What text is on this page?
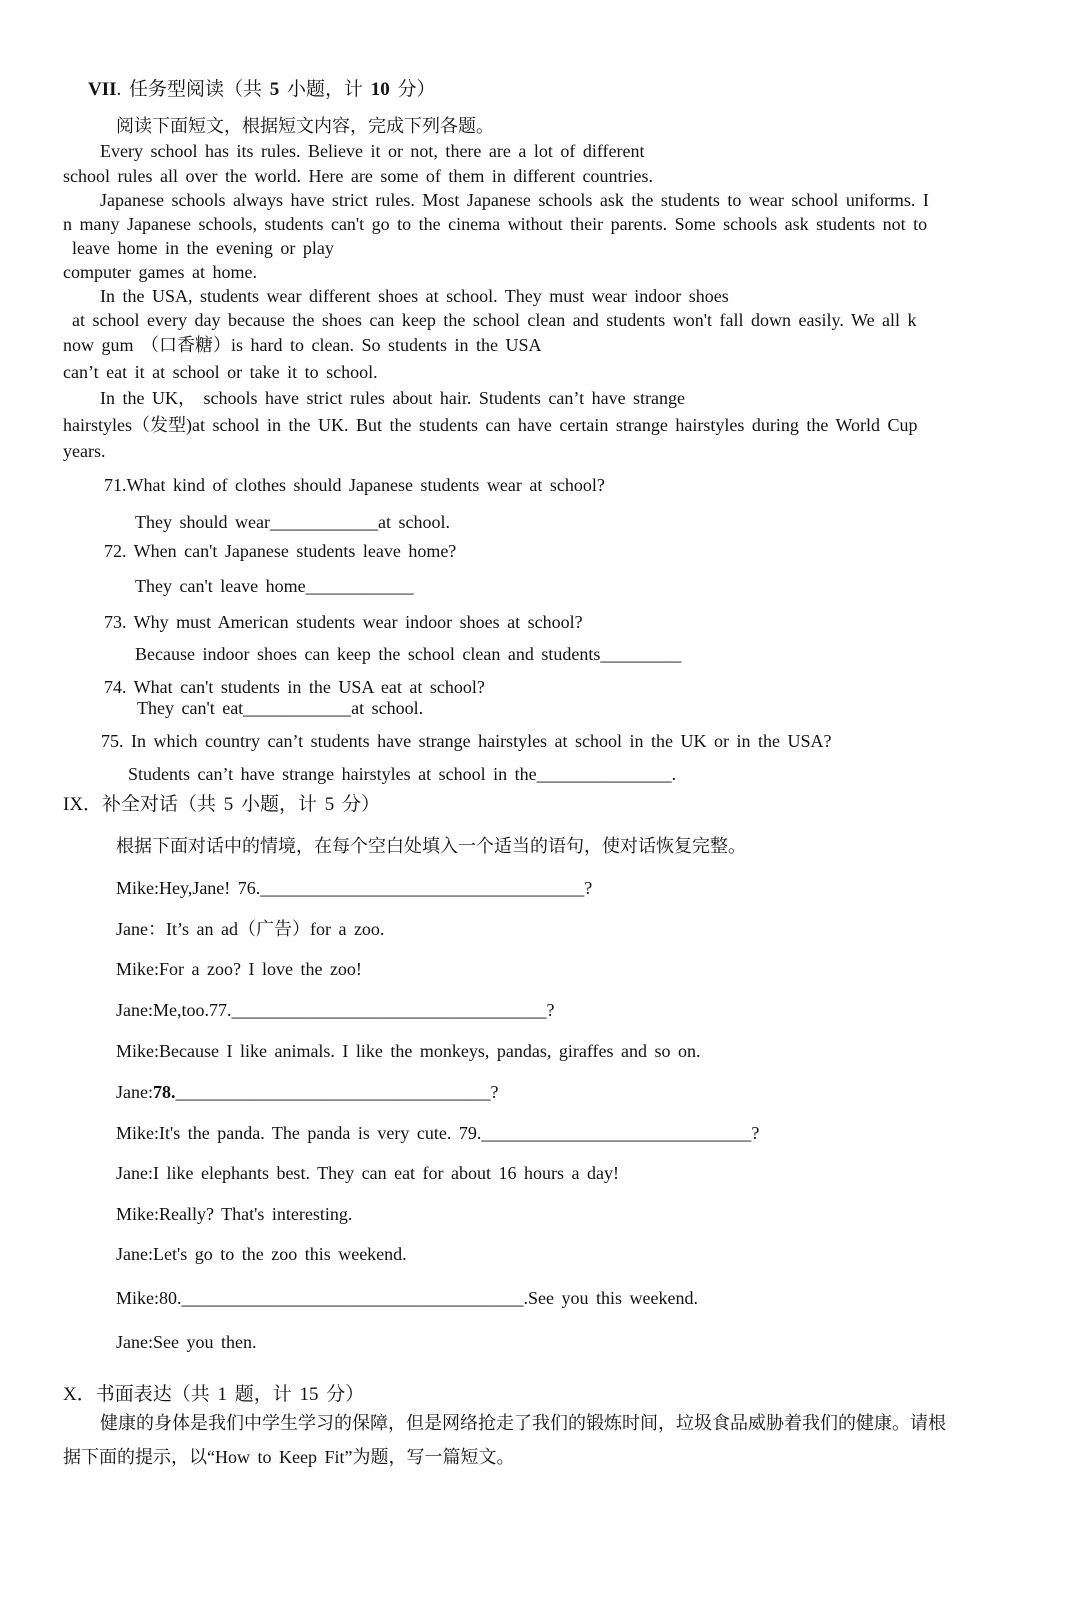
VII. 任务型阅读（共 5 小题，计 10 分）
阅读下面短文，根据短文内容，完成下列各题。
Every school has its rules. Believe it or not, there are a lot of different
school rules all over the world. Here are some of them in different countries.
Japanese schools always have strict rules. Most Japanese schools ask the students to wear school uniforms. I
n many Japanese schools, students can't go to the cinema without their parents. Some schools ask students not to
leave home in the evening or play
computer games at home.
In the USA, students wear different shoes at school. They must wear indoor shoes
at school every day because the shoes can keep the school clean and students won't fall down easily. We all k
now gum （口香糖）is hard to clean. So students in the USA
can’t eat it at school or take it to school.
In the UK， schools have strict rules about hair. Students can’t have strange
hairstyles（发型)at school in the UK. But the students can have certain strange hairstyles during the World Cup
years.
71.What kind of clothes should Japanese students wear at school?
They should wear____________at school.
72. When can't Japanese students leave home?
They can't leave home____________
73. Why must American students wear indoor shoes at school?
Because indoor shoes can keep the school clean and students_________
74. What can't students in the USA eat at school?
They can't eat____________at school.
75. In which country can’t students have strange hairstyles at school in the UK or in the USA?
Students can’t have strange hairstyles at school in the_______________.
IX．补全对话（共 5 小题，计 5 分）
根据下面对话中的情境，在每个空白处填入一个适当的语句，使对话恢复完整。
Mike:Hey,Jane! 76.____________________________________?
Jane：It’s an ad（广告）for a zoo.
Mike:For a zoo? I love the zoo!
Jane:Me,too.77.___________________________________?
Mike:Because I like animals. I like the monkeys, pandas, giraffes and so on.
Jane:78.___________________________________?
Mike:It's the panda. The panda is very cute. 79.______________________________?
Jane:I like elephants best. They can eat for about 16 hours a day!
Mike:Really? That's interesting.
Jane:Let's go to the zoo this weekend.
Mike:80.______________________________________.See you this weekend.
Jane:See you then.
X．书面表达（共 1 题，计 15 分）
健康的身体是我们中学生学习的保障，但是网络抢走了我们的锻炼时间，垃圾食品威胁着我们的健康。请根
据下面的提示，以“How to Keep Fit”为题，写一篇短文。
